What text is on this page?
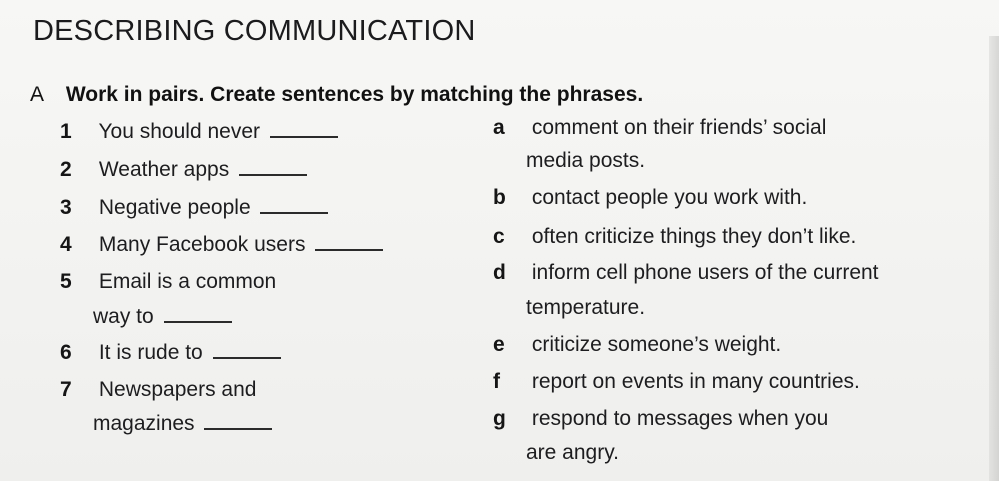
DESCRIBING COMMUNICATION
A Work in pairs. Create sentences by matching the phrases.
1 You should never
2 Weather apps
3 Negative people
4 Many Facebook users
5 Email is a common
way to
6 It is rude to
7 Newspapers and
magazines
a comment on their friends’ social
media posts.
b contact people you work with.
c often criticize things they don’t like.
d inform cell phone users of the current
temperature.
e criticize someone’s weight.
f report on events in many countries.
g respond to messages when you
are angry.
